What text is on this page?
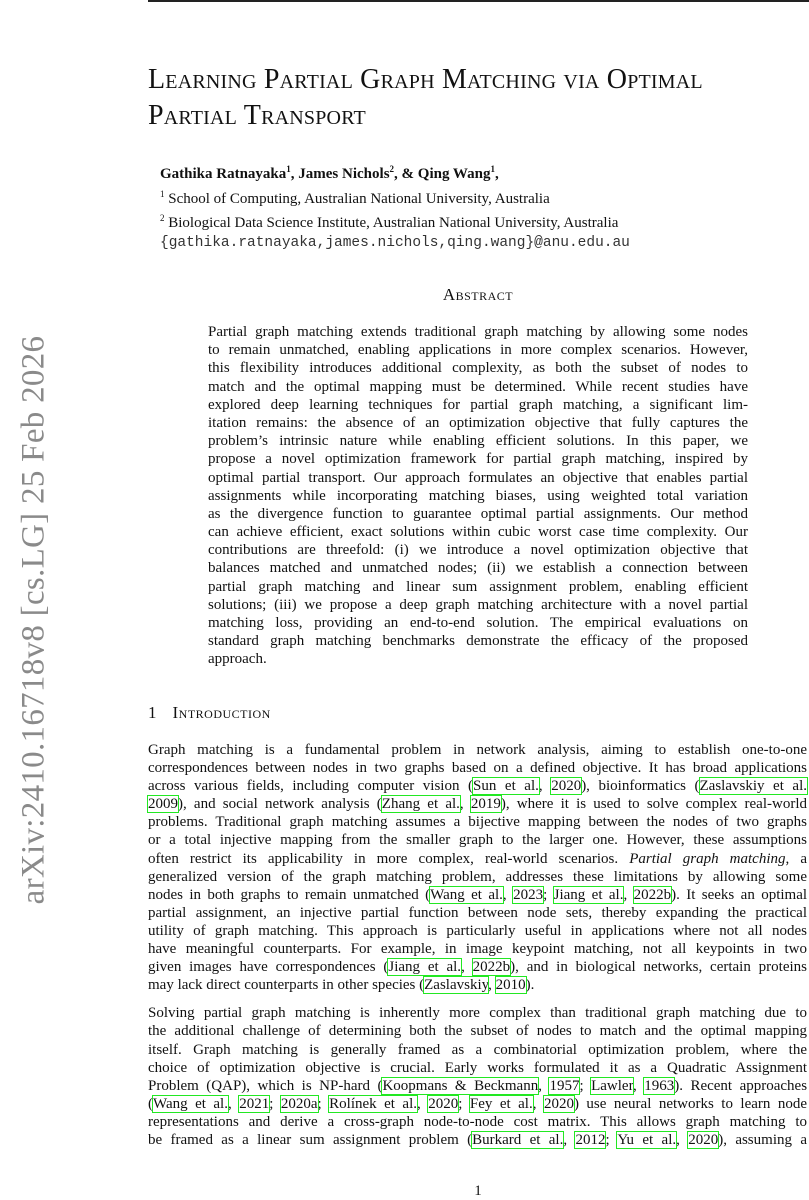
arXiv:2410.16718v8 [cs.LG] 25 Feb 2026
Learning Partial Graph Matching via Optimal
Partial Transport
Gathika Ratnayaka$^1$, James Nichols$^2$, & Qing Wang$^1$,
$^1$ School of Computing, Australian National University, Australia
$^2$ Biological Data Science Institute, Australian National University, Australia
{gathika.ratnayaka,james.nichols,qing.wang}@anu.edu.au
Abstract
Partial graph matching extends traditional graph matching by allowing some nodes
to remain unmatched, enabling applications in more complex scenarios. However,
this flexibility introduces additional complexity, as both the subset of nodes to
match and the optimal mapping must be determined. While recent studies have
explored deep learning techniques for partial graph matching, a significant lim-
itation remains: the absence of an optimization objective that fully captures the
problem’s intrinsic nature while enabling efficient solutions. In this paper, we
propose a novel optimization framework for partial graph matching, inspired by
optimal partial transport. Our approach formulates an objective that enables partial
assignments while incorporating matching biases, using weighted total variation
as the divergence function to guarantee optimal partial assignments. Our method
can achieve efficient, exact solutions within cubic worst case time complexity. Our
contributions are threefold: (i) we introduce a novel optimization objective that
balances matched and unmatched nodes; (ii) we establish a connection between
partial graph matching and linear sum assignment problem, enabling efficient
solutions; (iii) we propose a deep graph matching architecture with a novel partial
matching loss, providing an end-to-end solution. The empirical evaluations on
standard graph matching benchmarks demonstrate the efficacy of the proposed
approach.
1 Introduction
Graph matching is a fundamental problem in network analysis, aiming to establish one-to-one
correspondences between nodes in two graphs based on a defined objective. It has broad applications
across various fields, including computer vision (Sun et al., 2020), bioinformatics (Zaslavskiy et al.
2009), and social network analysis (Zhang et al., 2019), where it is used to solve complex real-world
problems. Traditional graph matching assumes a bijective mapping between the nodes of two graphs
or a total injective mapping from the smaller graph to the larger one. However, these assumptions
often restrict its applicability in more complex, real-world scenarios. Partial graph matching, a
generalized version of the graph matching problem, addresses these limitations by allowing some
nodes in both graphs to remain unmatched (Wang et al., 2023; Jiang et al., 2022b). It seeks an optimal
partial assignment, an injective partial function between node sets, thereby expanding the practical
utility of graph matching. This approach is particularly useful in applications where not all nodes
have meaningful counterparts. For example, in image keypoint matching, not all keypoints in two
given images have correspondences (Jiang et al., 2022b), and in biological networks, certain proteins
may lack direct counterparts in other species (Zaslavskiy, 2010).
Solving partial graph matching is inherently more complex than traditional graph matching due to
the additional challenge of determining both the subset of nodes to match and the optimal mapping
itself. Graph matching is generally framed as a combinatorial optimization problem, where the
choice of optimization objective is crucial. Early works formulated it as a Quadratic Assignment
Problem (QAP), which is NP-hard (Koopmans & Beckmann, 1957; Lawler, 1963). Recent approaches
(Wang et al., 2021; 2020a; Rolínek et al., 2020; Fey et al., 2020) use neural networks to learn node
representations and derive a cross-graph node-to-node cost matrix. This allows graph matching to
be framed as a linear sum assignment problem (Burkard et al., 2012; Yu et al., 2020), assuming a
1
